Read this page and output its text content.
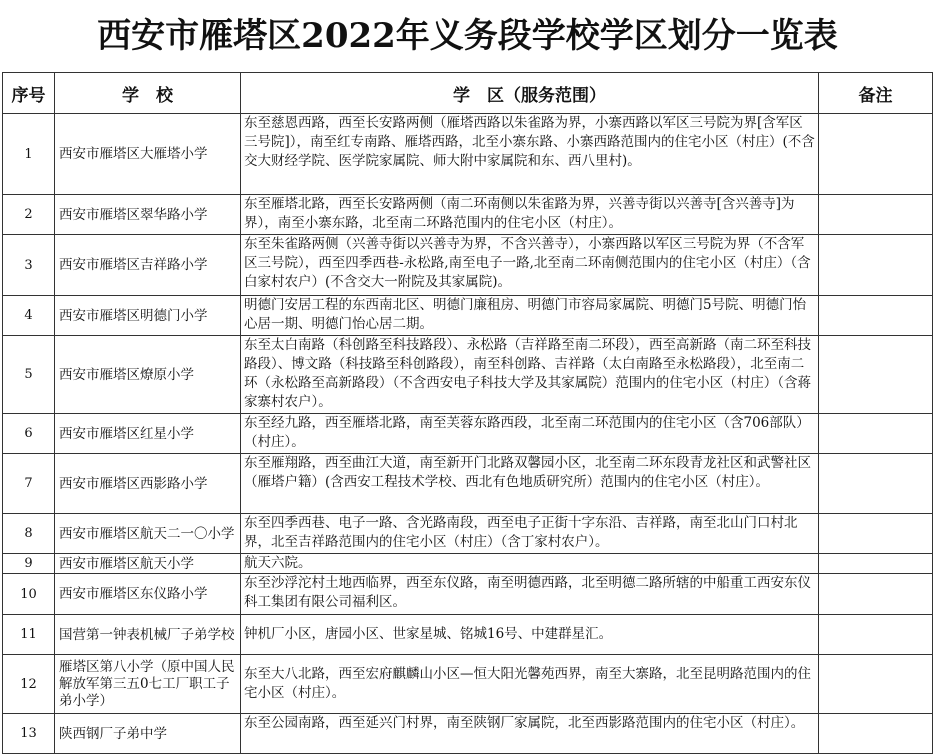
西安市雁塔区2022年义务段学校学区划分一览表
序号	学　校	学　区（服务范围）	备注
1	西安市雁塔区大雁塔小学	东至慈恩西路，西至长安路两侧（雁塔西路以朱雀路为界，小寨西路以军区三号院为界[含军区三号院]），南至红专南路、雁塔西路，北至小寨东路、小寨西路范围内的住宅小区（村庄）(不含交大财经学院、医学院家属院、师大附中家属院和东、西八里村)。	
2	西安市雁塔区翠华路小学	东至雁塔北路，西至长安路两侧（南二环南侧以朱雀路为界，兴善寺街以兴善寺[含兴善寺]为界），南至小寨东路，北至南二环路范围内的住宅小区（村庄）。	
3	西安市雁塔区吉祥路小学	东至朱雀路两侧（兴善寺街以兴善寺为界，不含兴善寺），小寨西路以军区三号院为界（不含军区三号院），西至四季西巷-永松路,南至电子一路,北至南二环南侧范围内的住宅小区（村庄）（含白家村农户）(不含交大一附院及其家属院)。	
4	西安市雁塔区明德门小学	明德门安居工程的东西南北区、明德门廉租房、明德门市容局家属院、明德门5号院、明德门怡心居一期、明德门怡心居二期。	
5	西安市雁塔区燎原小学	东至太白南路（科创路至科技路段）、永松路（吉祥路至南二环段），西至高新路（南二环至科技路段）、博文路（科技路至科创路段），南至科创路、吉祥路（太白南路至永松路段），北至南二环（永松路至高新路段）（不含西安电子科技大学及其家属院）范围内的住宅小区（村庄）（含蒋家寨村农户）。	
6	西安市雁塔区红星小学	东至经九路，西至雁塔北路，南至芙蓉东路西段，北至南二环范围内的住宅小区（含706部队）（村庄）。	
7	西安市雁塔区西影路小学	东至雁翔路，西至曲江大道，南至新开门北路双馨园小区，北至南二环东段青龙社区和武警社区（雁塔户籍）(含西安工程技术学校、西北有色地质研究所）范围内的住宅小区（村庄）。	
8	西安市雁塔区航天二一〇小学	东至四季西巷、电子一路、含光路南段，西至电子正街十字东沿、吉祥路，南至北山门口村北界，北至吉祥路范围内的住宅小区（村庄）（含丁家村农户）。	
9	西安市雁塔区航天小学	航天六院。	
10	西安市雁塔区东仪路小学	东至沙浮沱村土地西临界，西至东仪路，南至明德西路，北至明德二路所辖的中船重工西安东仪科工集团有限公司福利区。	
11	国营第一钟表机械厂子弟学校	钟机厂小区，唐园小区、世家星城、铭城16号、中建群星汇。	
12	雁塔区第八小学（原中国人民解放军第三五0七工厂职工子弟小学）	东至大八北路，西至宏府麒麟山小区—恒大阳光馨苑西界，南至大寨路，北至昆明路范围内的住宅小区（村庄）。	
13	陕西钢厂子弟中学	东至公园南路，西至延兴门村界，南至陕钢厂家属院，北至西影路范围内的住宅小区（村庄）。	
